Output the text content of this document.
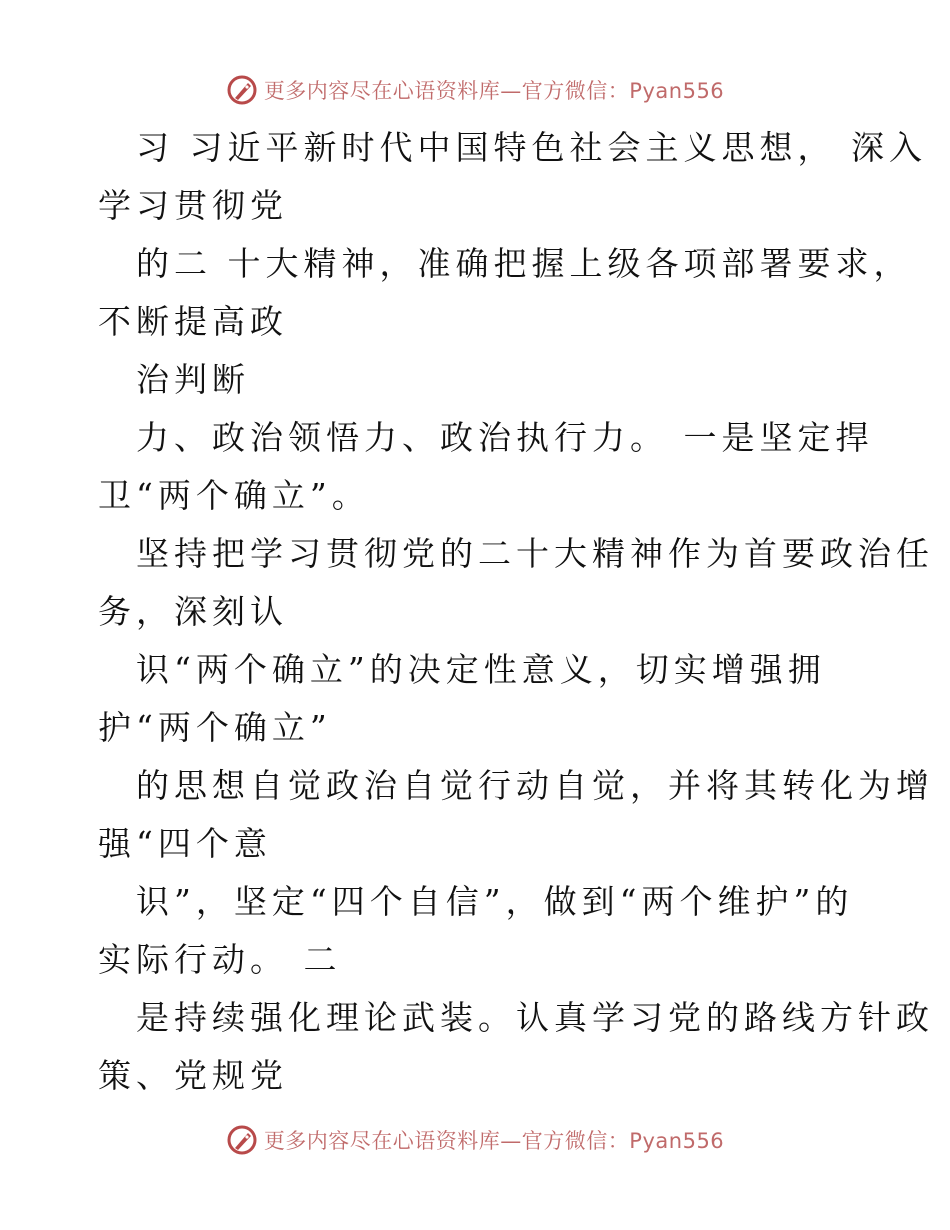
更多内容尽在心语资料库—官方微信：Pyan556
习 习近平新时代中国特色社会主义思想， 深入
学习贯彻党
的二 十大精神，准确把握上级各项部署要求，
不断提高政
治判断
力、政治领悟力、政治执行力。 一是坚定捍
卫“两个确立”。
坚持把学习贯彻党的二十大精神作为首要政治任
务，深刻认
识“两个确立”的决定性意义，切实增强拥
护“两个确立”
的思想自觉政治自觉行动自觉，并将其转化为增
强“四个意
识”，坚定“四个自信”，做到“两个维护”的
实际行动。 二
是持续强化理论武装。认真学习党的路线方针政
策、党规党
更多内容尽在心语资料库—官方微信：Pyan556
